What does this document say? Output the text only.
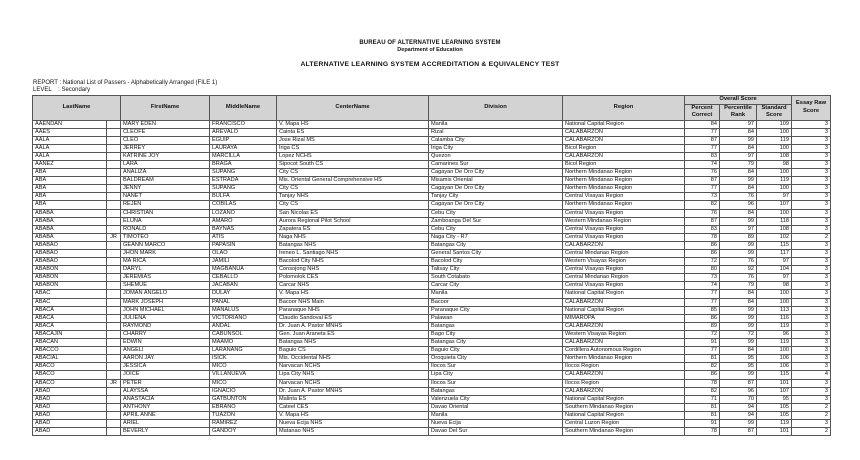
BUREAU OF ALTERNATIVE LEARNING SYSTEM
Department of Education
ALTERNATIVE LEARNING SYSTEM ACCREDITATION & EQUIVALENCY TEST
REPORT : National List of Passers - Alphabetically Arranged (FILE 1)
LEVEL    : Secondary
LastName		FirstName	MiddleName	CenterName	Division	Region	Overall Score			Essay Raw Score
							Percent Correct	Percentile Rank	Standard Score	
AAENDAN		MARY EDEN	FRANCISCO	V. Mapa HS	Manila	National Capital Region	84	97	109	3
AAES		CLEOFE	AREVALO	Cainta ES	Rizal	CALABARZON	77	84	100	3
AALA		CLEO	EGUIP	Jose Rizal MS	Calamba City	CALABARZON	87	99	119	3
AALA		JERREY	LAURAYA	Iriga CS	Iriga City	Bicol Region	77	84	100	3
AALA		KATRINE JOY	MARCILLA	Lopez NCHS	Quezon	CALABARZON	83	97	108	3
AANEZ		LARA	BRAGA	Sipocot South CS	Camarines Sur	Bicol Region	74	79	98	3
ABA		ANALIZA	SUPANG	City CS	Cagayan De Oro City	Northern Mindanao Region	76	84	100	3
ABA		BALDREAM	ESTRADA	Mis. Oriental General Comprehensive HS	Misamis Oriental	Northern Mindanao Region	87	99	119	3
ABA		JENNY	SUPANG	City CS	Cagayan De Oro City	Northern Mindanao Region	77	84	100	3
ABA		NANET	BULFA	Tanjay NHS	Tanjay City	Central Visayas Region	73	76	97	3
ABA		REJEN	COBILAS	City CS	Cagayan De Oro City	Northern Mindanao Region	82	96	107	3
ABABA		CHRISTIAN	LOZANO	San Nicolas ES	Cebu City	Central Visayas Region	76	84	100	3
ABABA		ELUNA	AMARO	Aurora Regional Pilot School	Zamboanga Del Sur	Western Mindanao Region	87	99	118	3
ABABA		RONALD	BAYNAS	Zapatera ES	Cebu City	Central Visayas Region	83	97	108	3
ABABA	JR	TIMOTEO	ATIS	Naga NHS	Naga City - R7	Central Visayas Region	78	89	102	2
ABABAO		GEANN MARCO	PAPASIN	Batangas NHS	Batangas City	CALABARZON	86	99	115	3
ABABAO		JHON MARK	OLAO	Ireneo L. Santiago NHS	General Santos City	Central Mindanao Region	86	99	117	3
ABABAO		MA RICA	JAMILI	Bacolod City NHS	Bacolod City	Western Visayas Region	72	76	97	3
ABABON		DARYL	MAGBANUA	Consojong NHS	Talisay City	Central Visayas Region	80	92	104	3
ABABON		JEREMIAS	CEBALLO	Polomolok CES	South Cotabato	Central Mindanao Region	73	76	97	3
ABABON		SHEMUE	JACABAN	Carcar NHS	Carcar City	Central Visayas Region	74	79	98	3
ABAC		JOMAN ANGELO	DULAY	V. Mapa HS	Manila	National Capital Region	77	84	100	3
ABAC		MARK JOSEPH	PANAL	Bacoor NHS Main	Bacoor	CALABARZON	77	84	100	3
ABACA		JOHN MICHAEL	MANALUS	Paranaque NHS	Paranaque City	National Capital Region	85	99	113	3
ABACA		JULIENA	VICTORIANO	Claudio Sandoval ES	Palawan	MIMAROPA	86	99	116	3
ABACA		RAYMOND	ANDAL	Dr. Juan A. Pastor MNHS	Batangas	CALABARZON	89	99	119	3
ABACAJIN		CHARRY	CABUNSOL	Gen. Juan Araneta ES	Bago City	Western Visayas Region	72	72	96	3
ABACAN		EDWIN	MAAMO	Batangas NHS	Batangas City	CALABARZON	91	99	119	3
ABACCO		ANGELI	LARANANG	Baguio CS	Baguio City	Cordillera Autonomous Region	77	84	100	3
ABACIAL		AARON JAY	ISICK	Mis. Occidental NHS	Oroquieta City	Northern Mindanao Region	81	95	106	3
ABACO		JESSICA	MICO	Narvacan NCHS	Ilocos Sur	Ilocos Region	82	95	106	3
ABACO		JOICE	VILLANUEVA	Lipa City NHS	Lipa City	CALABARZON	86	99	115	4
ABACO	JR	PETER	MICO	Narvacan NCHS	Ilocos Sur	Ilocos Region	78	87	101	3
ABAD		ALAYSSA	IGNACIO	Dr. Juan A. Pastor MNHS	Batangas	CALABARZON	82	96	107	3
ABAD		ANASTACIA	GATBUNTON	Malinta ES	Valenzuela City	National Capital Region	71	70	95	3
ABAD		ANTHONY	EBRANO	Cateel CES	Davao Oriental	Southern Mindanao Region	81	94	105	2
ABAD		APRIL ANNE	TUAZON	V. Mapa HS	Manila	National Capital Region	81	94	105	2
ABAD		ARIEL	RAMIREZ	Nueva Ecija NHS	Nueva Ecija	Central Luzon Region	91	99	119	3
ABAD		BEVERLY	GANDOY	Matanao NHS	Davao Del Sur	Southern Mindanao Region	78	87	101	2
